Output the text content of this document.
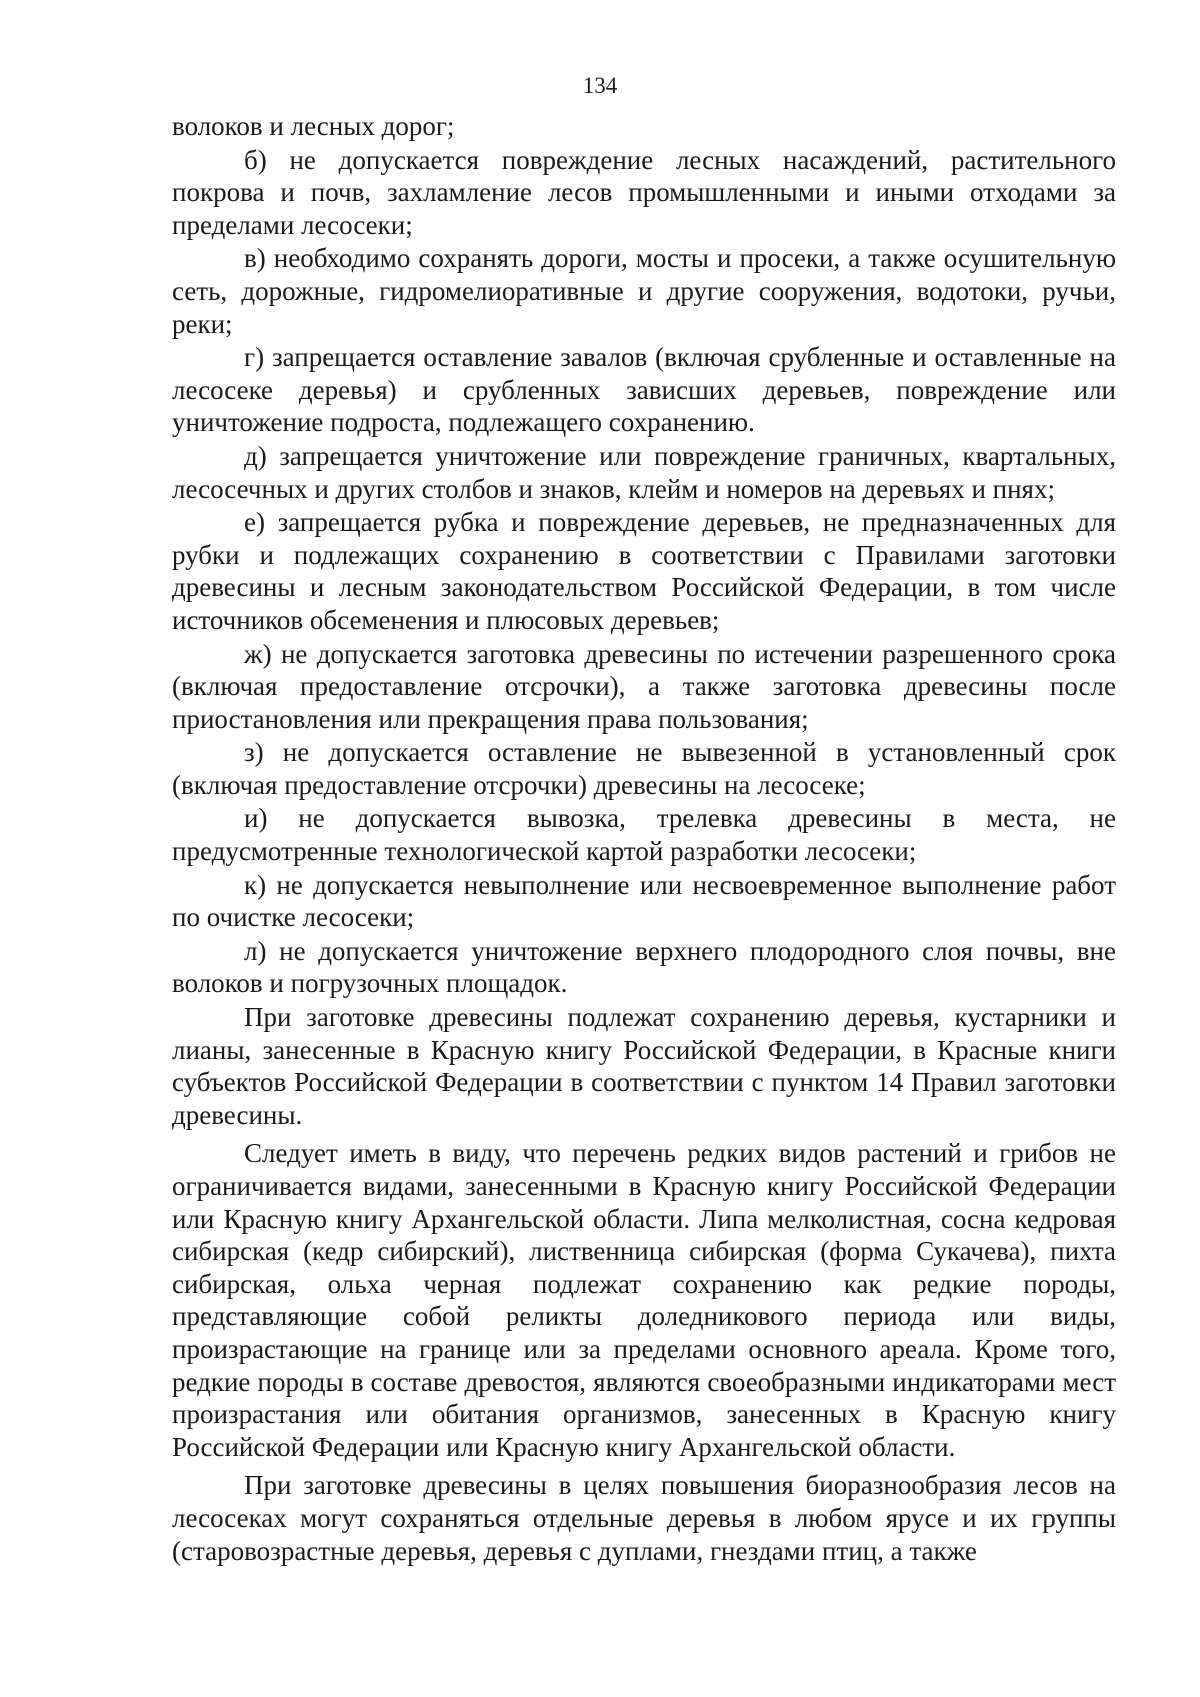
134

волоков и лесных дорог;

б) не допускается повреждение лесных насаждений, растительного покрова и почв, захламление лесов промышленными и иными отходами за пределами лесосеки;

в) необходимо сохранять дороги, мосты и просеки, а также осушительную сеть, дорожные, гидромелиоративные и другие сооружения, водотоки, ручьи, реки;

г) запрещается оставление завалов (включая срубленные и оставленные на лесосеке деревья) и срубленных зависших деревьев, повреждение или уничтожение подроста, подлежащего сохранению.

д) запрещается уничтожение или повреждение граничных, квартальных, лесосечных и других столбов и знаков, клейм и номеров на деревьях и пнях;

е) запрещается рубка и повреждение деревьев, не предназначенных для рубки и подлежащих сохранению в соответствии с Правилами заготовки древесины и лесным законодательством Российской Федерации, в том числе источников обсеменения и плюсовых деревьев;

ж) не допускается заготовка древесины по истечении разрешенного срока (включая предоставление отсрочки), а также заготовка древесины после приостановления или прекращения права пользования;

з) не допускается оставление не вывезенной в установленный срок (включая предоставление отсрочки) древесины на лесосеке;

и) не допускается вывозка, трелевка древесины в места, не предусмотренные технологической картой разработки лесосеки;

к) не допускается невыполнение или несвоевременное выполнение работ по очистке лесосеки;

л) не допускается уничтожение верхнего плодородного слоя почвы, вне волоков и погрузочных площадок.

При заготовке древесины подлежат сохранению деревья, кустарники и лианы, занесенные в Красную книгу Российской Федерации, в Красные книги субъектов Российской Федерации в соответствии с пунктом 14 Правил заготовки древесины.

Следует иметь в виду, что перечень редких видов растений и грибов не ограничивается видами, занесенными в Красную книгу Российской Федерации или Красную книгу Архангельской области. Липа мелколистная, сосна кедровая сибирская (кедр сибирский), лиственница сибирская (форма Сукачева), пихта сибирская, ольха черная подлежат сохранению как редкие породы, представляющие собой реликты доледникового периода или виды, произрастающие на границе или за пределами основного ареала. Кроме того, редкие породы в составе древостоя, являются своеобразными индикаторами мест произрастания или обитания организмов, занесенных в Красную книгу Российской Федерации или Красную книгу Архангельской области.

При заготовке древесины в целях повышения биоразнообразия лесов на лесосеках могут сохраняться отдельные деревья в любом ярусе и их группы (старовозрастные деревья, деревья с дуплами, гнездами птиц, а также
